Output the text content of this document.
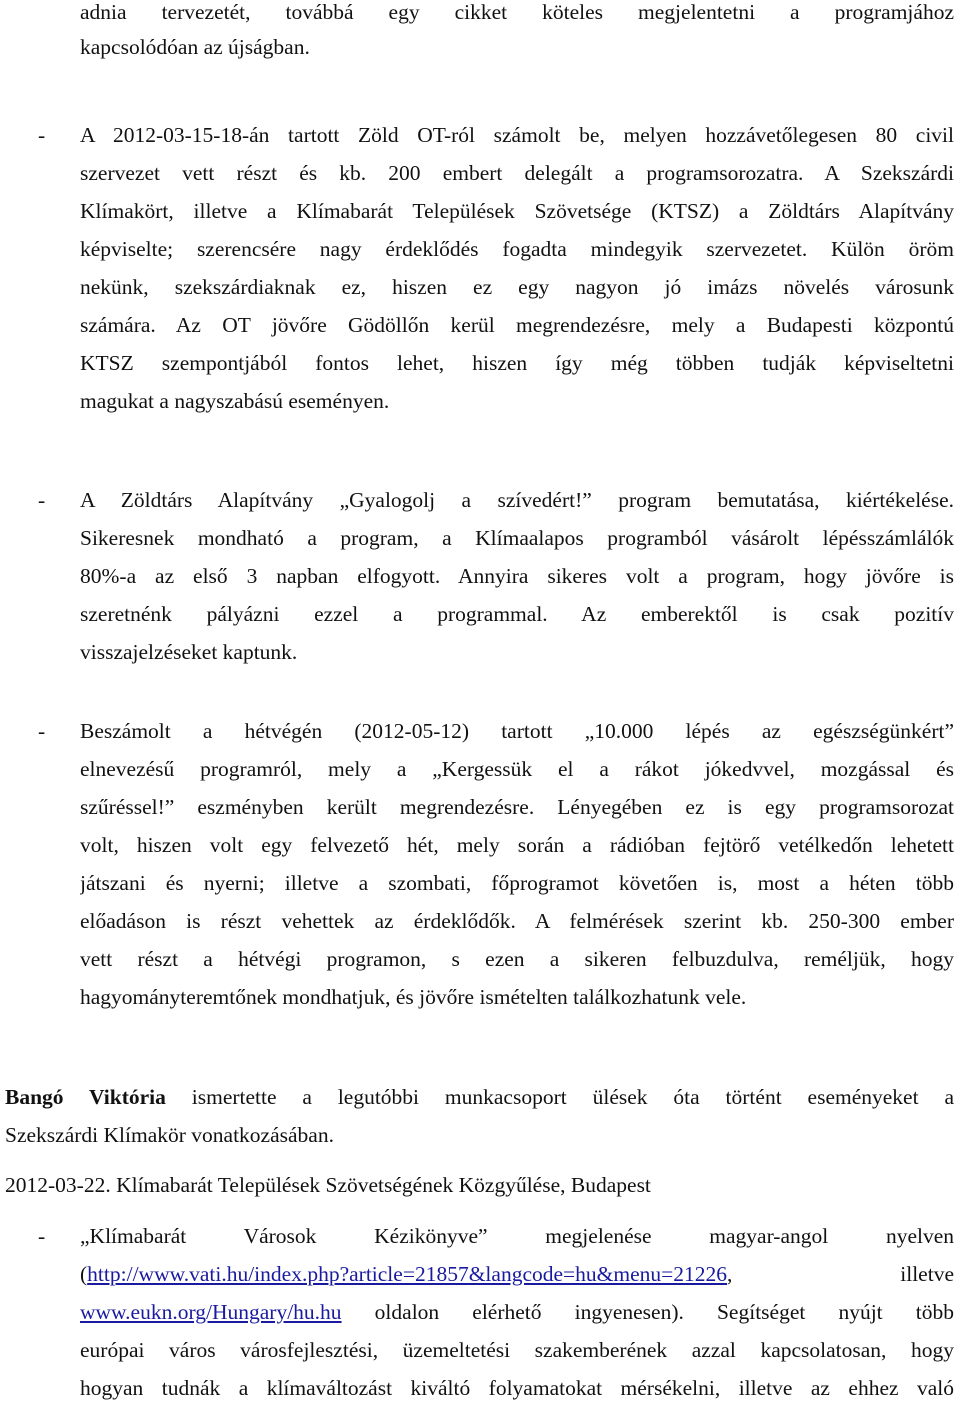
adnia tervezetét, továbbá egy cikket köteles megjelentetni a programjához
kapcsolódóan az újságban.
- A 2012-03-15-18-án tartott Zöld OT-ról számolt be, melyen hozzávetőlegesen 80 civil
szervezet vett részt és kb. 200 embert delegált a programsorozatra. A Szekszárdi
Klímakört, illetve a Klímabarát Települések Szövetsége (KTSZ) a Zöldtárs Alapítvány
képviselte; szerencsére nagy érdeklődés fogadta mindegyik szervezetet. Külön öröm
nekünk, szekszárdiaknak ez, hiszen ez egy nagyon jó imázs növelés városunk
számára. Az OT jövőre Gödöllőn kerül megrendezésre, mely a Budapesti központú
KTSZ szempontjából fontos lehet, hiszen így még többen tudják képviseltetni
magukat a nagyszabású eseményen.
- A Zöldtárs Alapítvány „Gyalogolj a szívedért!” program bemutatása, kiértékelése.
Sikeresnek mondható a program, a Klímaalapos programból vásárolt lépésszámlálók
80%-a az első 3 napban elfogyott. Annyira sikeres volt a program, hogy jövőre is
szeretnénk pályázni ezzel a programmal. Az emberektől is csak pozitív
visszajelzéseket kaptunk.
- Beszámolt a hétvégén (2012-05-12) tartott „10.000 lépés az egészségünkért”
elnevezésű programról, mely a „Kergessük el a rákot jókedvvel, mozgással és
szűréssel!” eszményben került megrendezésre. Lényegében ez is egy programsorozat
volt, hiszen volt egy felvezető hét, mely során a rádióban fejtörő vetélkedőn lehetett
játszani és nyerni; illetve a szombati, főprogramot követően is, most a héten több
előadáson is részt vehettek az érdeklődők. A felmérések szerint kb. 250-300 ember
vett részt a hétvégi programon, s ezen a sikeren felbuzdulva, reméljük, hogy
hagyományteremtőnek mondhatjuk, és jövőre ismételten találkozhatunk vele.
Bangó Viktória ismertette a legutóbbi munkacsoport ülések óta történt eseményeket a
Szekszárdi Klímakör vonatkozásában.
2012-03-22. Klímabarát Települések Szövetségének Közgyűlése, Budapest
- „Klímabarát Városok Kézikönyve” megjelenése magyar-angol nyelven
(http://www.vati.hu/index.php?article=21857&langcode=hu&menu=21226, illetve
www.eukn.org/Hungary/hu.hu oldalon elérhető ingyenesen). Segítséget nyújt több
európai város városfejlesztési, üzemeltetési szakemberének azzal kapcsolatosan, hogy
hogyan tudnák a klímaváltozást kiváltó folyamatokat mérsékelni, illetve az ehhez való
